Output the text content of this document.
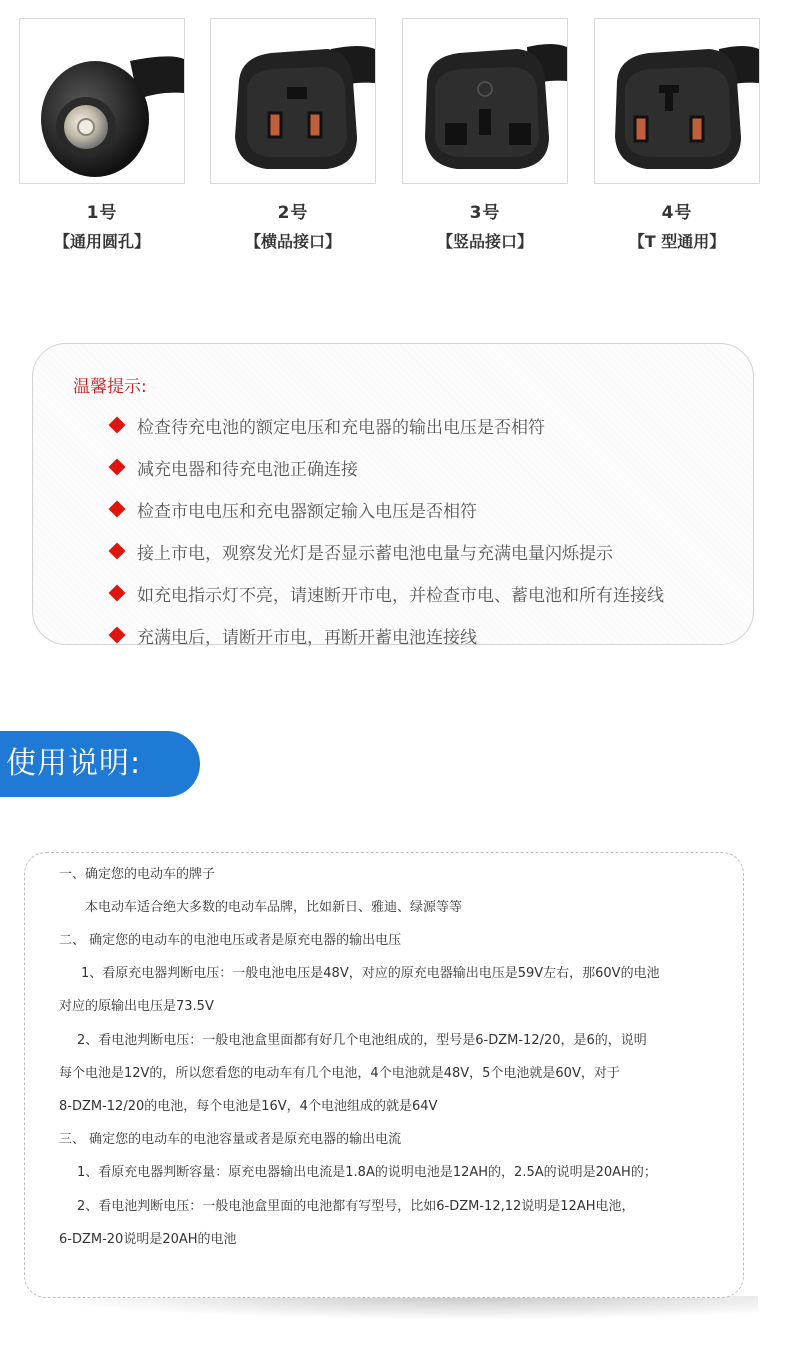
1号
【通用圆孔】
2号
【横品接口】
3号
【竖品接口】
4号
【T 型通用】
温馨提示:
检查待充电池的额定电压和充电器的输出电压是否相符
减充电器和待充电池正确连接
检查市电电压和充电器额定输入电压是否相符
接上市电，观察发光灯是否显示蓄电池电量与充满电量闪烁提示
如充电指示灯不亮，请速断开市电，并检查市电、蓄电池和所有连接线
充满电后，请断开市电，再断开蓄电池连接线
使用说明:

一、确定您的电动车的牌子

本电动车适合绝大多数的电动车品牌，比如新日、雅迪、绿源等等

二、 确定您的电动车的电池电压或者是原充电器的输出电压

1、看原充电器判断电压：一般电池电压是48V，对应的原充电器输出电压是59V左右，那60V的电池

对应的原输出电压是73.5V

2、看电池判断电压：一般电池盒里面都有好几个电池组成的，型号是6-DZM-12/20，是6的，说明

每个电池是12V的，所以您看您的电动车有几个电池，4个电池就是48V，5个电池就是60V，对于

8-DZM-12/20的电池，每个电池是16V，4个电池组成的就是64V

三、 确定您的电动车的电池容量或者是原充电器的输出电流

1、看原充电器判断容量：原充电器输出电流是1.8A的说明电池是12AH的，2.5A的说明是20AH的；

2、看电池判断电压：一般电池盒里面的电池都有写型号，比如6-DZM-12,12说明是12AH电池，

6-DZM-20说明是20AH的电池
